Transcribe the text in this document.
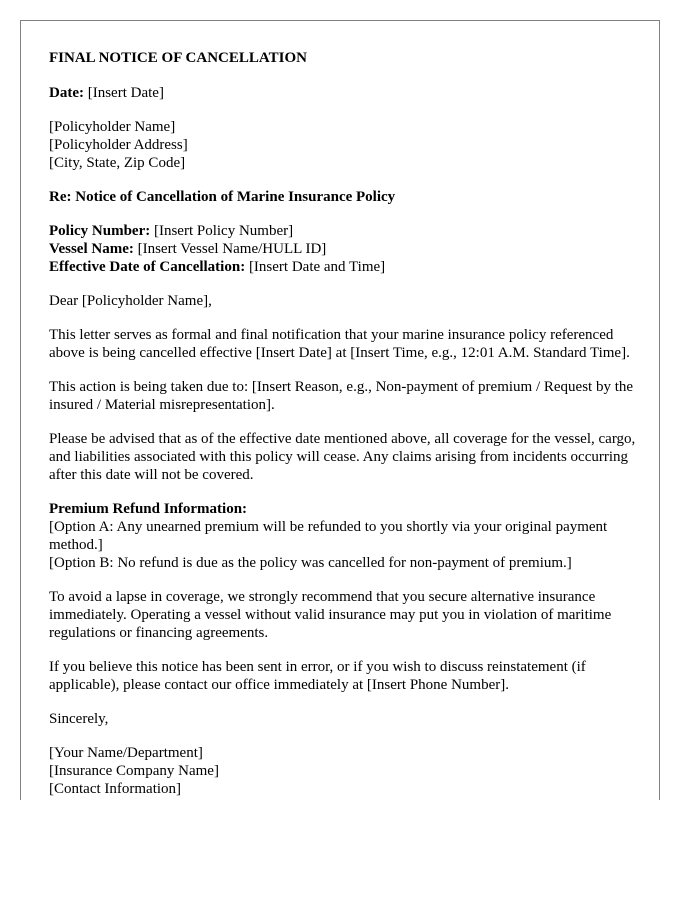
FINAL NOTICE OF CANCELLATION

Date: [Insert Date]

[Policyholder Name]
[Policyholder Address]
[City, State, Zip Code]

Re: Notice of Cancellation of Marine Insurance Policy

Policy Number: [Insert Policy Number]
Vessel Name: [Insert Vessel Name/HULL ID]
Effective Date of Cancellation: [Insert Date and Time]

Dear [Policyholder Name],

This letter serves as formal and final notification that your marine insurance policy referenced above is being cancelled effective [Insert Date] at [Insert Time, e.g., 12:01 A.M. Standard Time].

This action is being taken due to: [Insert Reason, e.g., Non-payment of premium / Request by the insured / Material misrepresentation].

Please be advised that as of the effective date mentioned above, all coverage for the vessel, cargo, and liabilities associated with this policy will cease. Any claims arising from incidents occurring after this date will not be covered.

Premium Refund Information:
[Option A: Any unearned premium will be refunded to you shortly via your original payment method.]
[Option B: No refund is due as the policy was cancelled for non-payment of premium.]

To avoid a lapse in coverage, we strongly recommend that you secure alternative insurance immediately. Operating a vessel without valid insurance may put you in violation of maritime regulations or financing agreements.

If you believe this notice has been sent in error, or if you wish to discuss reinstatement (if applicable), please contact our office immediately at [Insert Phone Number].

Sincerely,

[Your Name/Department]
[Insurance Company Name]
[Contact Information]
